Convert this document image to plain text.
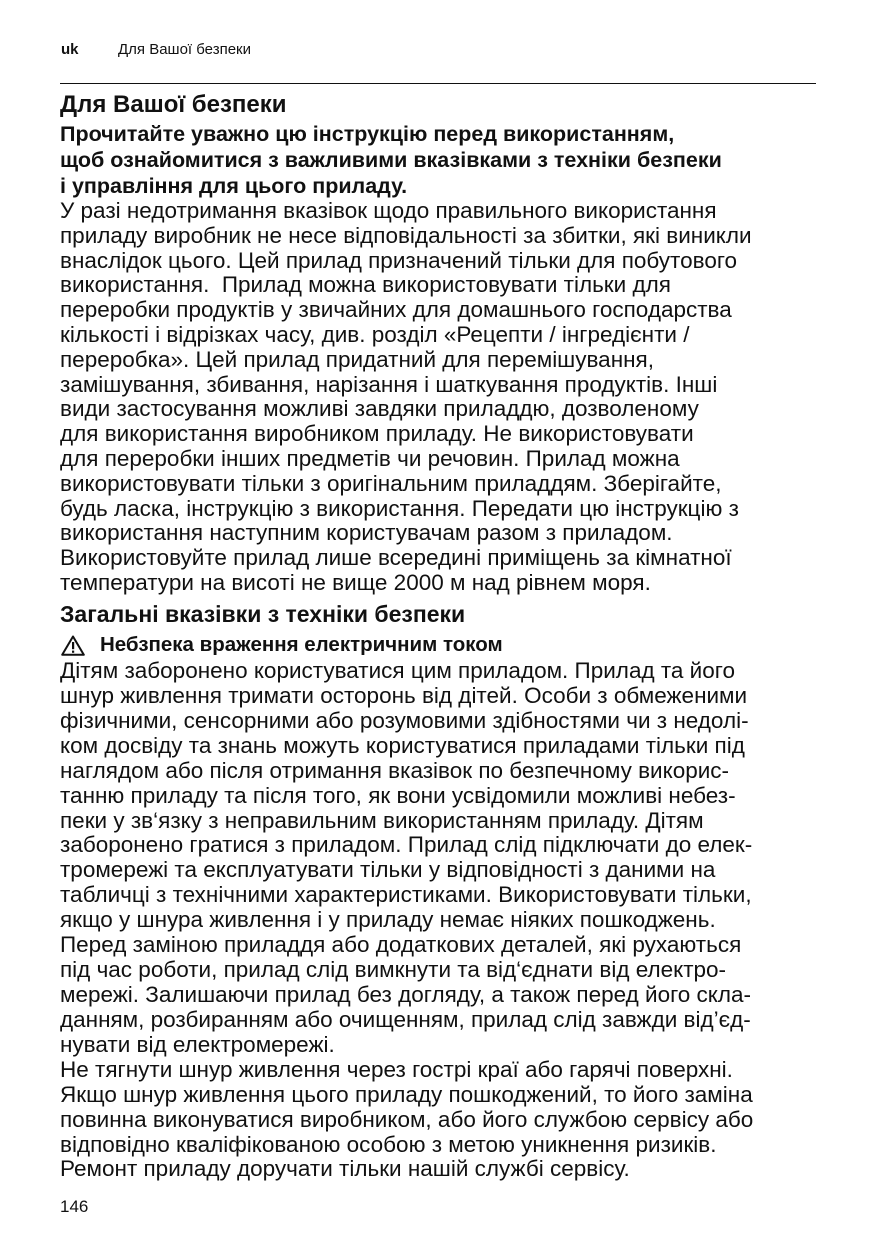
uk

	Для Вашої безпеки

Для Вашої безпеки
Прочитайте уважно цю інструкцію перед використанням,
щоб ознайомитися з важливими вказівками з техніки безпеки
і управління для цього приладу.
У разі недотримання вказівок щодо правильного використання
приладу виробник не несе відповідальності за збитки, які виникли
внаслідок цього. Цей прилад призначений тільки для побутового
використання.  Прилад можна використовувати тільки для
переробки продуктів у звичайних для домашнього господарства
кількості і відрізках часу, див. розділ «Рецепти / інгредієнти /
переробка». Цей прилад придатний для перемішування,
замішування, збивання, нарізання і шаткування продуктів. Інші
види застосування можливі завдяки приладдю, дозволеному
для використання виробником приладу. Не використовувати
для переробки інших предметів чи речовин. Прилад можна
використовувати тільки з оригінальним приладдям. Зберігайте,
будь ласка, інструкцію з використання. Передати цю інструкцію з
використання наступним користувачам разом з приладом.
Використовуйте прилад лише всередині приміщень за кімнатної
температури на висоті не вище 2000 м над рівнем моря.
Загальні вказівки з техніки безпеки
Небзпека враження електричним током
Дітям заборонено користуватися цим приладом. Прилад та його
шнур живлення тримати осторонь від дітей. Особи з обмеженими
фізичними, сенсорними або розумовими здібностями чи з недолі-
ком досвіду та знань можуть користуватися приладами тільки під
наглядом або після отримання вказівок по безпечному викорис-
танню приладу та після того, як вони усвідомили можливі небез-
пеки у зв‘язку з неправильним використанням приладу. Дітям
заборонено гратися з приладом. Прилад слід підключати до елек-
тромережі та експлуатувати тільки у відповідності з даними на
табличці з технічними характеристиками. Використовувати тільки,
якщо у шнура живлення і у приладу немає ніяких пошкоджень.
Перед заміною приладдя або додаткових деталей, які рухаються
під час роботи, прилад слід вимкнути та від‘єднати від електро-
мережі. Залишаючи прилад без догляду, а також перед його скла-
данням, розбиранням або очищенням, прилад слід завжди від’єд-
нувати від електромережі.
Не тягнути шнур живлення через гострі краї або гарячі поверхні.
Якщо шнур живлення цього приладу пошкоджений, то його заміна
повинна виконуватися виробником, або його службою сервісу або
відповідно кваліфікованою особою з метою уникнення ризиків.
Ремонт приладу доручати тільки нашій службі сервісу.
146
